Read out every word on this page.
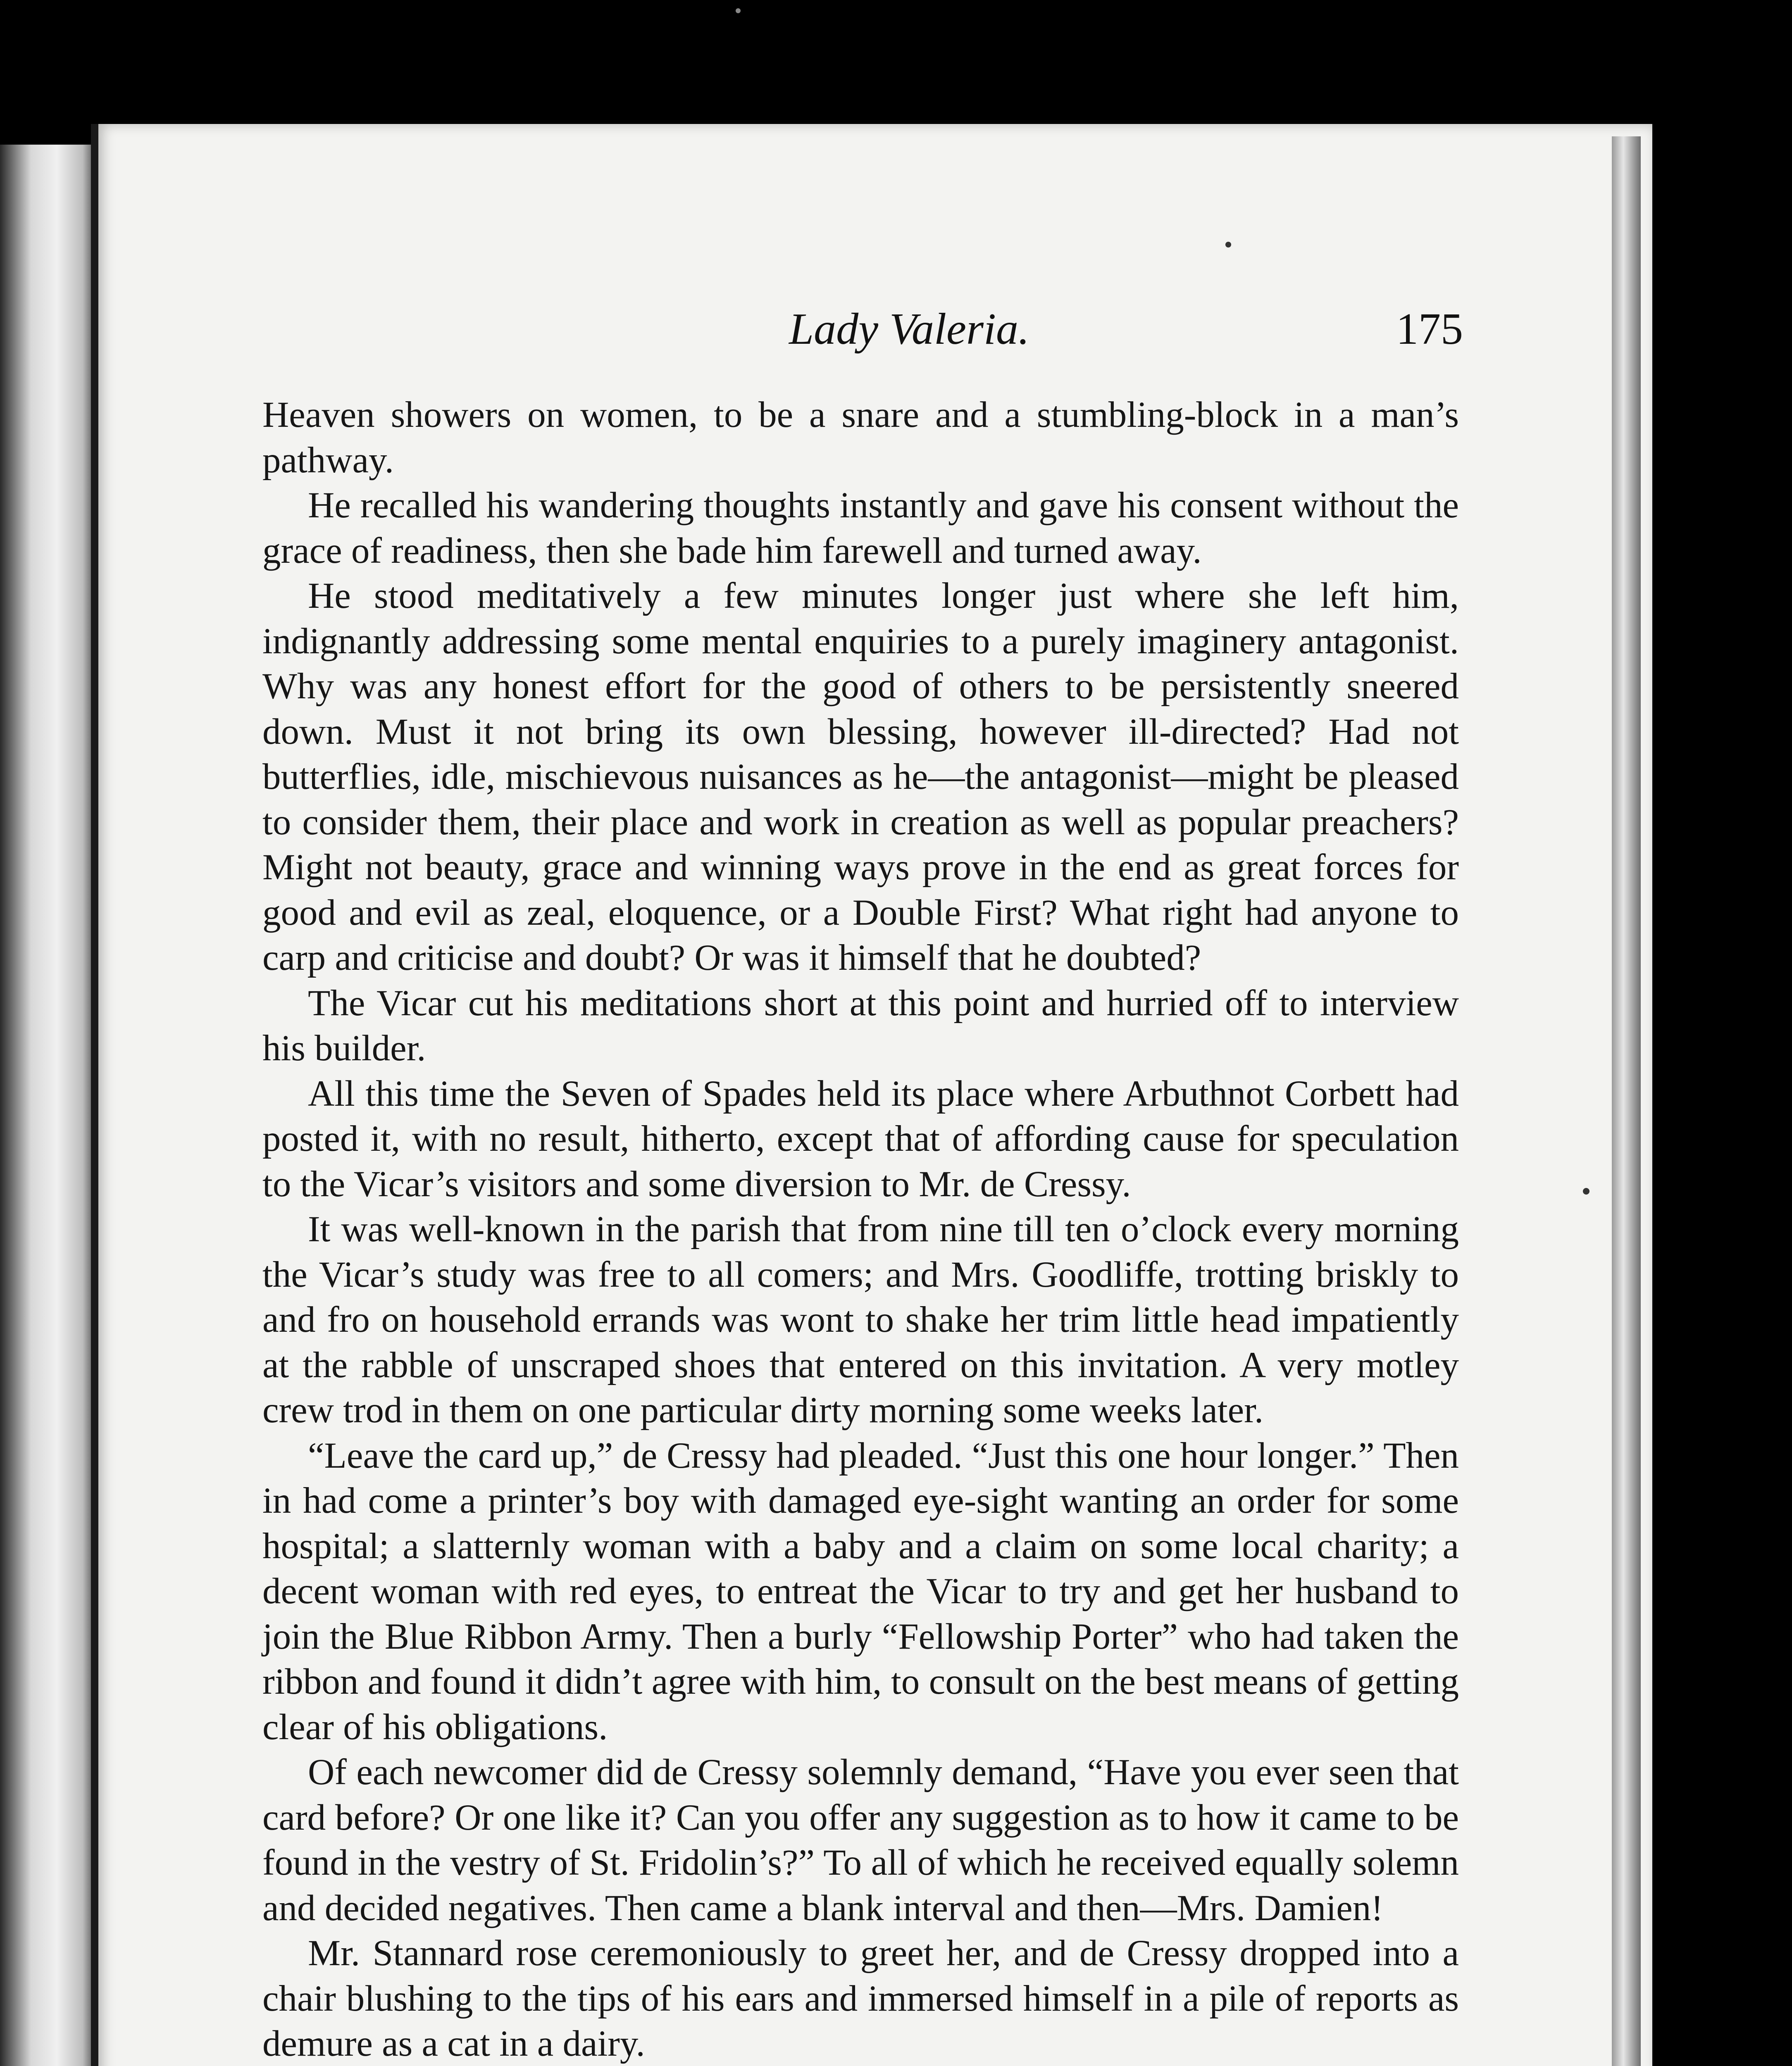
Lady Valeria.	175

Heaven showers on women, to be a snare and a stumbling-block in a man’s pathway.

He recalled his wandering thoughts instantly and gave his consent without the grace of readiness, then she bade him farewell and turned away.

He stood meditatively a few minutes longer just where she left him, indignantly addressing some mental enquiries to a purely imaginery antagonist. Why was any honest effort for the good of others to be persistently sneered down. Must it not bring its own blessing, however ill-directed? Had not butterflies, idle, mischievous nuisances as he—the antagonist—might be pleased to consider them, their place and work in creation as well as popular preachers? Might not beauty, grace and winning ways prove in the end as great forces for good and evil as zeal, eloquence, or a Double First? What right had anyone to carp and criticise and doubt? Or was it himself that he doubted?

The Vicar cut his meditations short at this point and hurried off to interview his builder.

All this time the Seven of Spades held its place where Arbuthnot Corbett had posted it, with no result, hitherto, except that of affording cause for speculation to the Vicar’s visitors and some diversion to Mr. de Cressy.

It was well-known in the parish that from nine till ten o’clock every morning the Vicar’s study was free to all comers; and Mrs. Goodliffe, trotting briskly to and fro on household errands was wont to shake her trim little head impatiently at the rabble of unscraped shoes that entered on this invitation. A very motley crew trod in them on one particular dirty morning some weeks later.

“Leave the card up,” de Cressy had pleaded. “Just this one hour longer.” Then in had come a printer’s boy with damaged eye-sight wanting an order for some hospital; a slatternly woman with a baby and a claim on some local charity; a decent woman with red eyes, to entreat the Vicar to try and get her husband to join the Blue Ribbon Army. Then a burly “Fellowship Porter” who had taken the ribbon and found it didn’t agree with him, to consult on the best means of getting clear of his obligations.

Of each newcomer did de Cressy solemnly demand, “Have you ever seen that card before? Or one like it? Can you offer any suggestion as to how it came to be found in the vestry of St. Fridolin’s?” To all of which he received equally solemn and decided negatives. Then came a blank interval and then—Mrs. Damien!

Mr. Stannard rose ceremoniously to greet her, and de Cressy dropped into a chair blushing to the tips of his ears and immersed himself in a pile of reports as demure as a cat in a dairy.
